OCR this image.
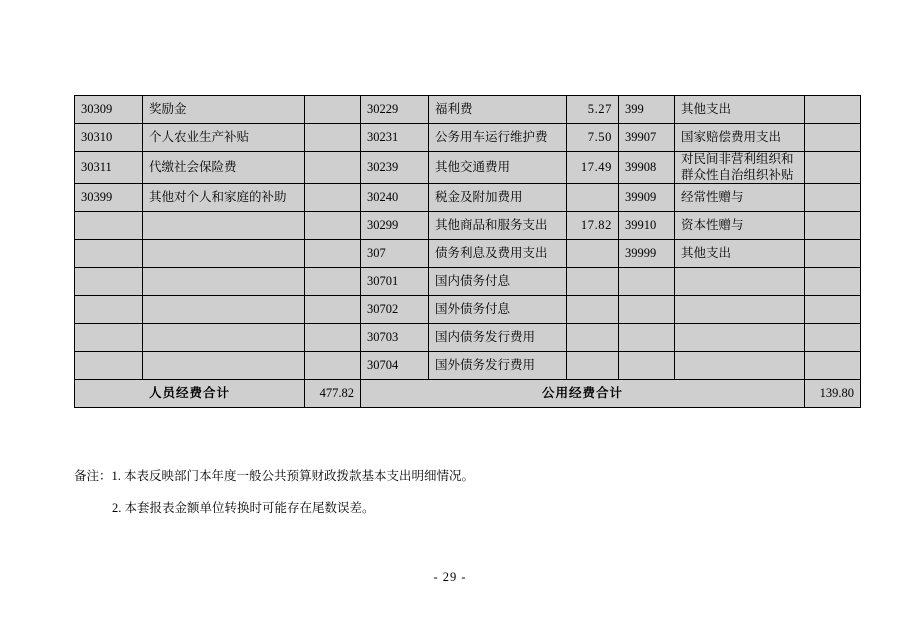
30309	奖励金		30229	福利费	5.27	399	其他支出	
30310	个人农业生产补贴		30231	公务用车运行维护费	7.50	39907	国家赔偿费用支出	
30311	代缴社会保险费		30239	其他交通费用	17.49	39908	对民间非营利组织和群众性自治组织补贴	
30399	其他对个人和家庭的补助		30240	税金及附加费用		39909	经常性赠与	
			30299	其他商品和服务支出	17.82	39910	资本性赠与	
			307	债务利息及费用支出		39999	其他支出	
			30701	国内债务付息				
			30702	国外债务付息				
			30703	国内债务发行费用				
			30704	国外债务发行费用				
人员经费合计		477.82	公用经费合计					139.80

备注：1. 本表反映部门本年度一般公共预算财政拨款基本支出明细情况。

2. 本套报表金额单位转换时可能存在尾数误差。

- 29 -
